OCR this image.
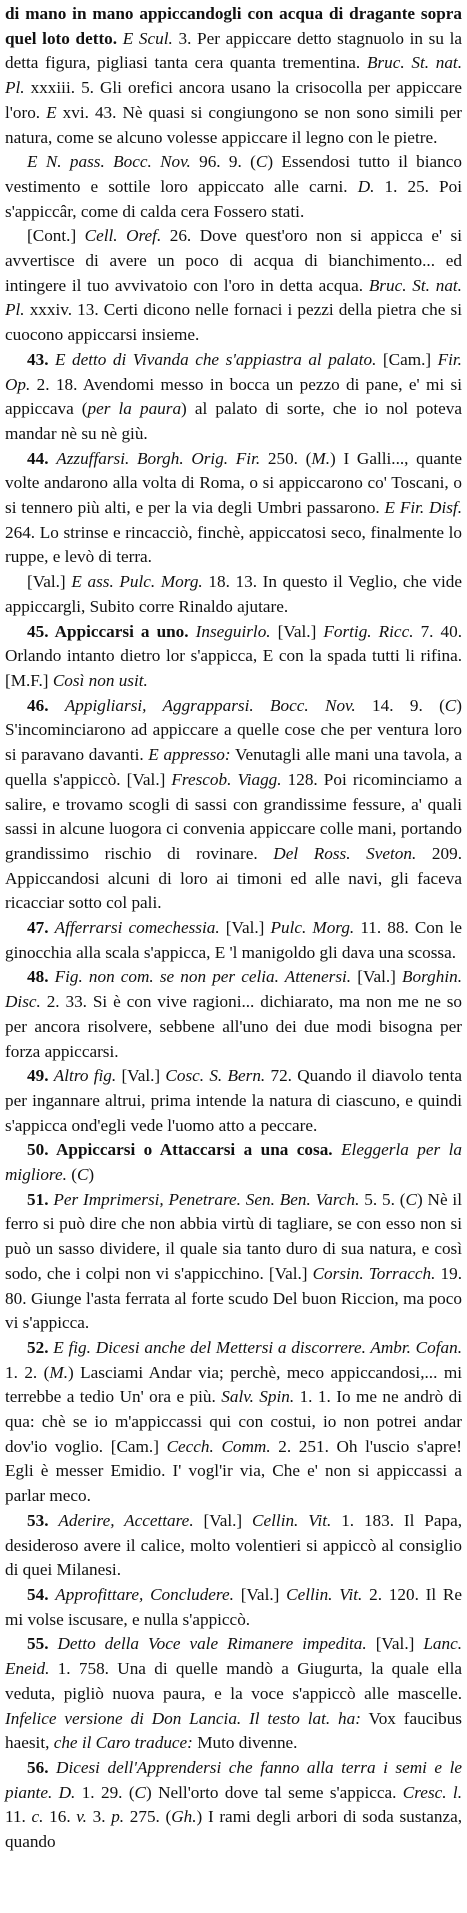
di mano in mano appiccandogli con acqua di dragante sopra quel loto detto. E Scul. 3. Per appiccare detto stagnuolo in su la detta figura, pigliasi tanta cera quanta trementina. Bruc. St. nat. Pl. xxxiii. 5. Gli orefici ancora usano la crisocolla per appiccare l'oro. E xvi. 43. Nè quasi si congiungono se non sono simili per natura, come se alcuno volesse appiccare il legno con le pietre.

E N. pass. Bocc. Nov. 96. 9. (C) Essendosi tutto il bianco vestimento e sottile loro appiccato alle carni. D. 1. 25. Poi s'appiccâr, come di calda cera Fossero stati.

[Cont.] Cell. Oref. 26. Dove quest'oro non si appicca e' si avvertisce di avere un poco di acqua di bianchimento... ed intingere il tuo avvivatoio con l'oro in detta acqua. Bruc. St. nat. Pl. xxxiv. 13. Certi dicono nelle fornaci i pezzi della pietra che si cuocono appiccarsi insieme.

43. E detto di Vivanda che s'appiastra al palato. [Cam.] Fir. Op. 2. 18. Avendomi messo in bocca un pezzo di pane, e' mi si appiccava (per la paura) al palato di sorte, che io nol poteva mandar nè su nè giù.

44. Azzuffarsi. Borgh. Orig. Fir. 250. (M.) I Galli..., quante volte andarono alla volta di Roma, o si appiccarono co' Toscani, o si tennero più alti, e per la via degli Umbri passarono. E Fir. Disf. 264. Lo strinse e rincacciò, finchè, appiccatosi seco, finalmente lo ruppe, e levò di terra.

[Val.] E ass. Pulc. Morg. 18. 13. In questo il Veglio, che vide appiccargli, Subito corre Rinaldo ajutare.

45. Appiccarsi a uno. Inseguirlo. [Val.] Fortig. Ricc. 7. 40. Orlando intanto dietro lor s'appicca, E con la spada tutti li rifina. [M.F.] Così non usit.

46. Appigliarsi, Aggrapparsi. Bocc. Nov. 14. 9. (C) S'incominciarono ad appiccare a quelle cose che per ventura loro si paravano davanti. E appresso: Venutagli alle mani una tavola, a quella s'appiccò. [Val.] Frescob. Viagg. 128. Poi ricominciamo a salire, e trovamo scogli di sassi con grandissime fessure, a' quali sassi in alcune luogora ci convenia appiccare colle mani, portando grandissimo rischio di rovinare. Del Ross. Sveton. 209. Appiccandosi alcuni di loro ai timoni ed alle navi, gli faceva ricacciar sotto col pali.

47. Afferrarsi comechessia. [Val.] Pulc. Morg. 11. 88. Con le ginocchia alla scala s'appicca, E 'l manigoldo gli dava una scossa.

48. Fig. non com. se non per celia. Attenersi. [Val.] Borghin. Disc. 2. 33. Si è con vive ragioni... dichiarato, ma non me ne so per ancora risolvere, sebbene all'uno dei due modi bisogna per forza appiccarsi.

49. Altro fig. [Val.] Cosc. S. Bern. 72. Quando il diavolo tenta per ingannare altrui, prima intende la natura di ciascuno, e quindi s'appicca ond'egli vede l'uomo atto a peccare.

50. Appiccarsi o Attaccarsi a una cosa. Eleggerla per la migliore. (C)

51. Per Imprimersi, Penetrare. Sen. Ben. Varch. 5. 5. (C) Nè il ferro si può dire che non abbia virtù di tagliare, se con esso non si può un sasso dividere, il quale sia tanto duro di sua natura, e così sodo, che i colpi non vi s'appicchino. [Val.] Corsin. Torracch. 19. 80. Giunge l'asta ferrata al forte scudo Del buon Riccion, ma poco vi s'appicca.

52. E fig. Dicesi anche del Mettersi a discorrere. Ambr. Cofan. 1. 2. (M.) Lasciami Andar via; perchè, meco appiccandosi,... mi terrebbe a tedio Un' ora e più. Salv. Spin. 1. 1. Io me ne andrò di qua: chè se io m'appiccassi qui con costui, io non potrei andar dov'io voglio. [Cam.] Cecch. Comm. 2. 251. Oh l'uscio s'apre! Egli è messer Emidio. I' vogl'ir via, Che e' non si appiccassi a parlar meco.

53. Aderire, Accettare. [Val.] Cellin. Vit. 1. 183. Il Papa, desideroso avere il calice, molto volentieri si appiccò al consiglio di quei Milanesi.

54. Approfittare, Concludere. [Val.] Cellin. Vit. 2. 120. Il Re mi volse iscusare, e nulla s'appiccò.

55. Detto della Voce vale Rimanere impedita. [Val.] Lanc. Eneid. 1. 758. Una di quelle mandò a Giugurta, la quale ella veduta, pigliò nuova paura, e la voce s'appiccò alle mascelle. Infelice versione di Don Lancia. Il testo lat. ha: Vox faucibus haesit, che il Caro traduce: Muto divenne.

56. Dicesi dell'Apprendersi che fanno alla terra i semi e le piante. D. 1. 29. (C) Nell'orto dove tal seme s'appicca. Cresc. l. 11. c. 16. v. 3. p. 275. (Gh.) I rami degli arbori di soda sustanza, quando
